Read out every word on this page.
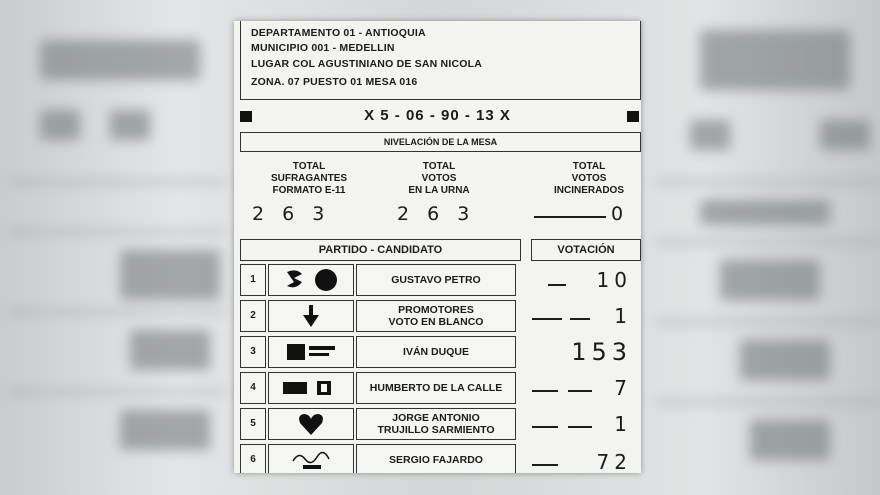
DEPARTAMENTO 01 - ANTIOQUIA
MUNICIPIO 001 - MEDELLIN
LUGAR COL AGUSTINIANO DE SAN NICOLA
ZONA. 07 PUESTO 01 MESA 016
X 5 - 06 - 90 - 13 X
NIVELACIÓN DE LA MESA
TOTAL
SUFRAGANTES
FORMATO E-11
TOTAL
VOTOS
EN LA URNA
TOTAL
VOTOS
INCINERADOS
2 6 3	2 6 3	0
PARTIDO - CANDIDATO	VOTACIÓN
1	GUSTAVO PETRO	10
2	PROMOTORES
VOTO EN BLANCO	1
3	IVÁN DUQUE	153
4	HUMBERTO DE LA CALLE	7
5	JORGE ANTONIO
TRUJILLO SARMIENTO	1
6	SERGIO FAJARDO	72
